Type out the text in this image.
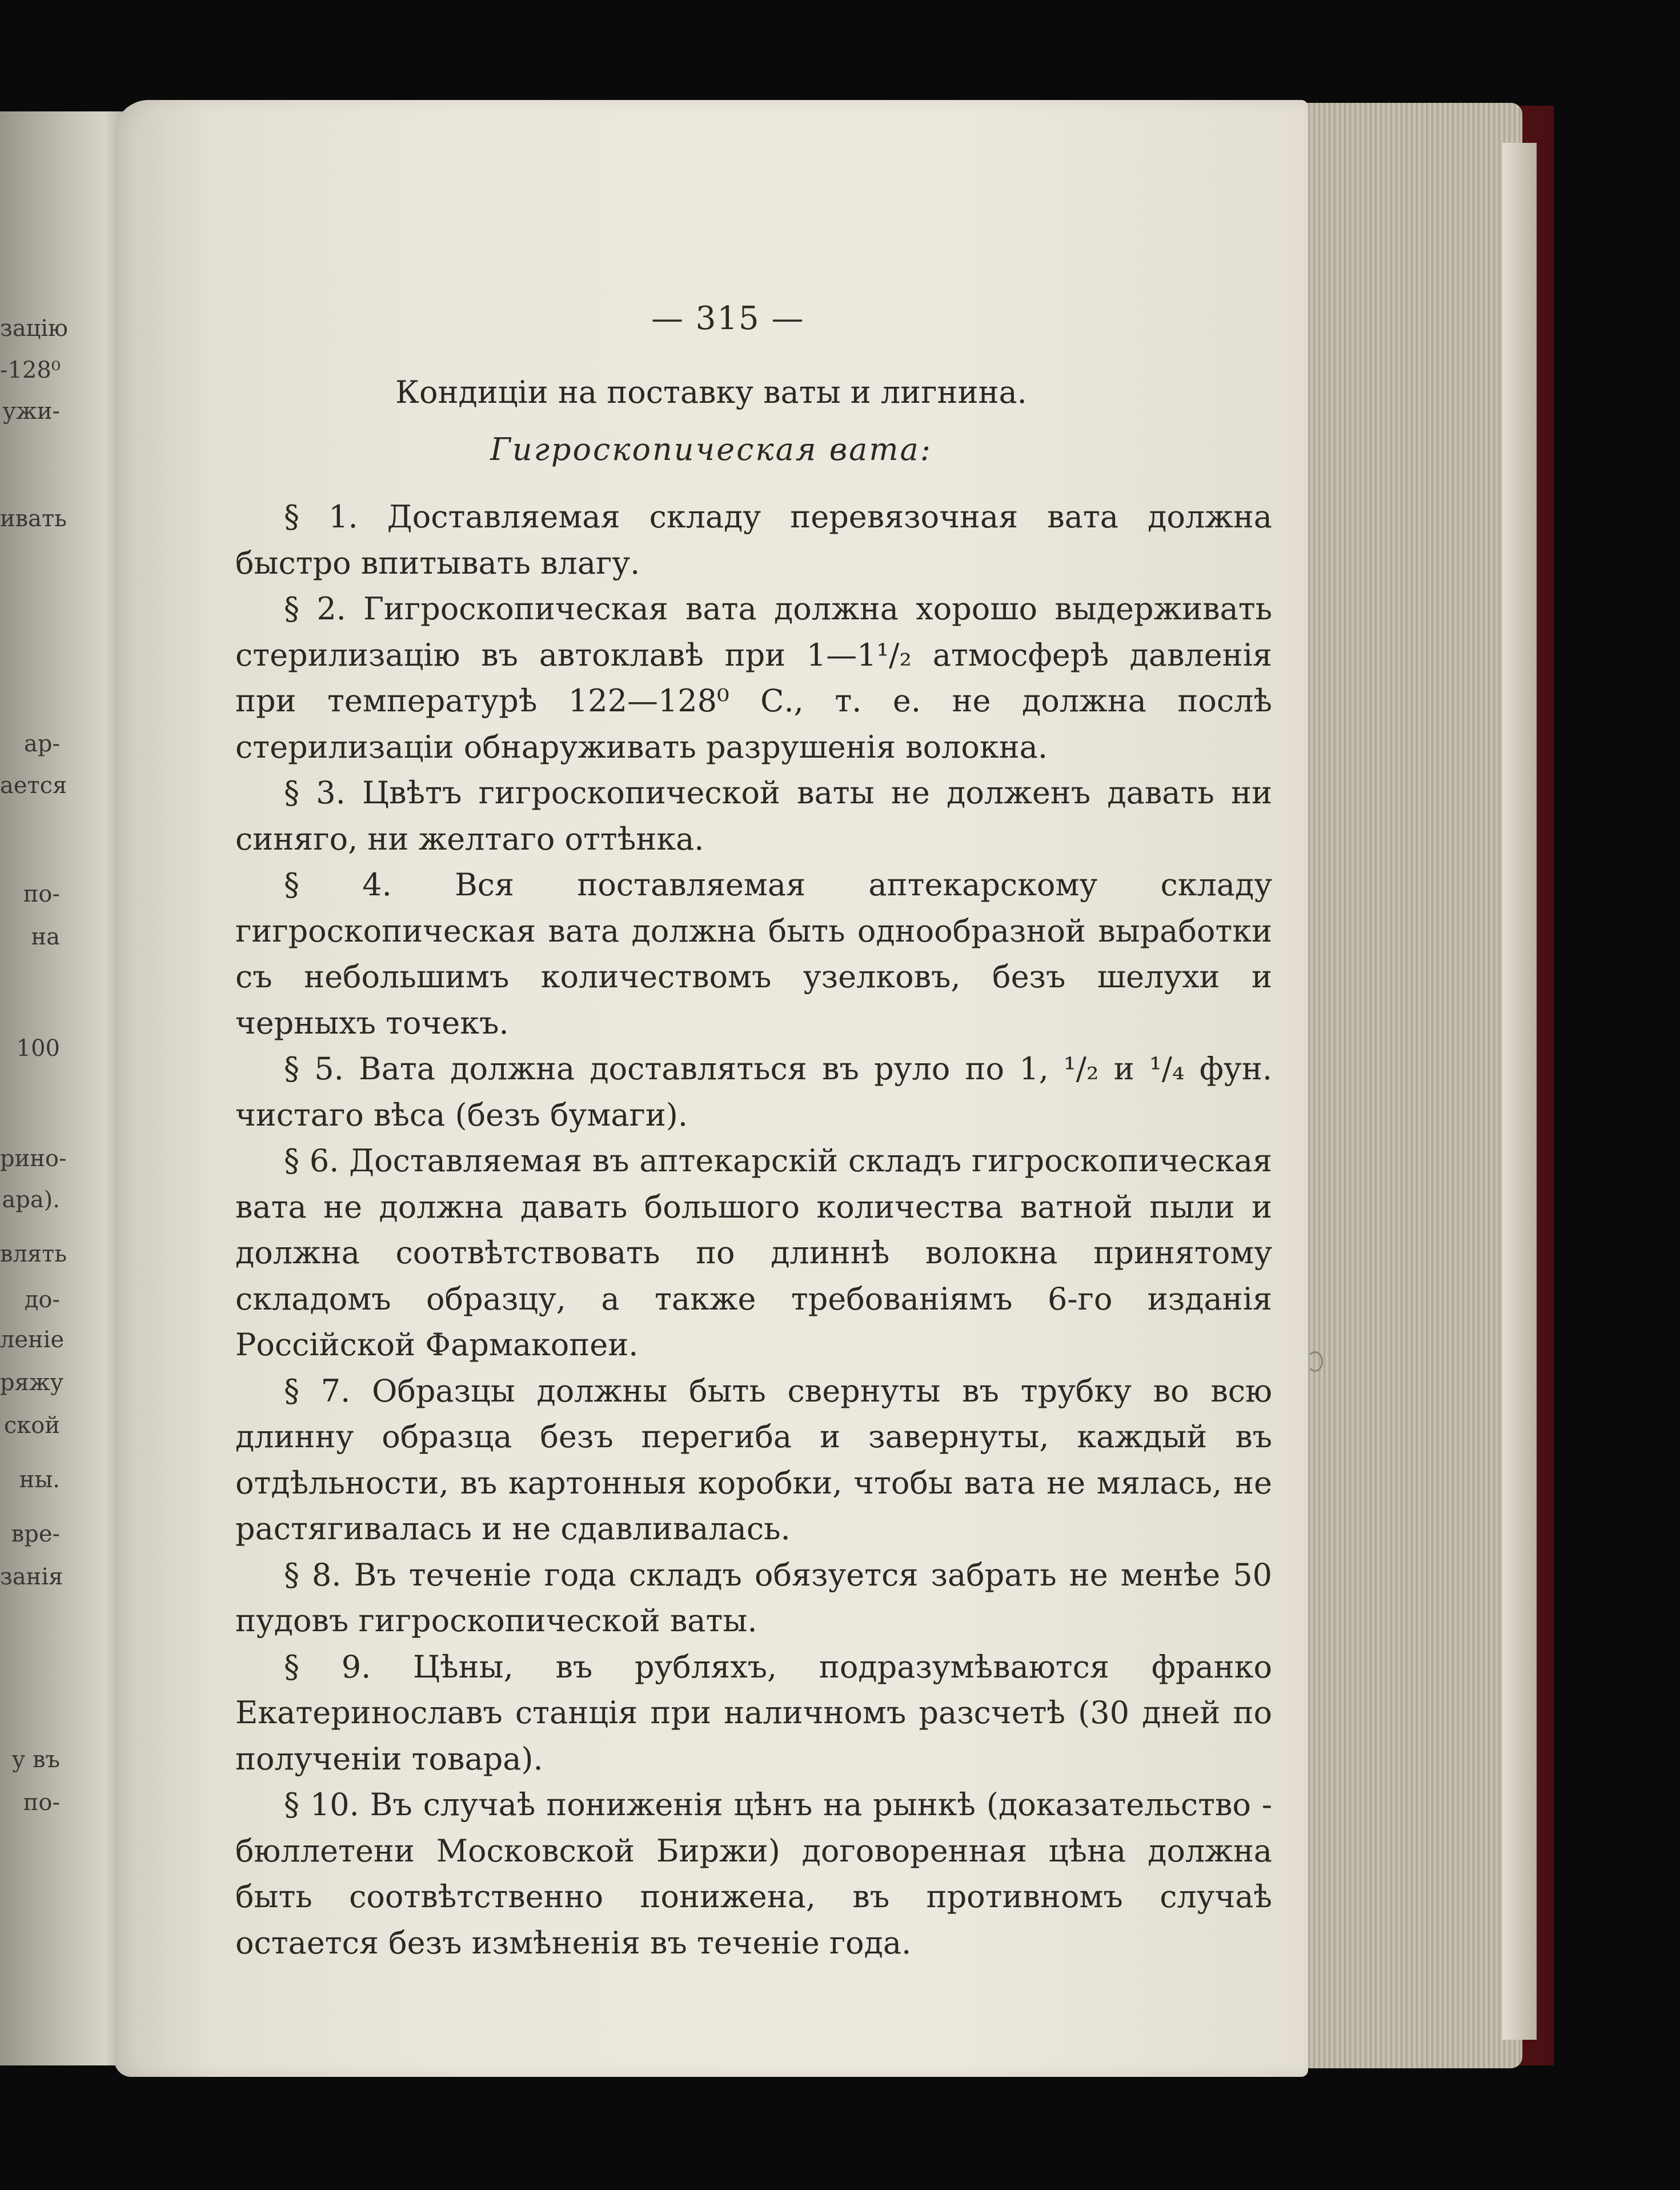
зацію
-128⁰
ужи-
ивать
ар-
ается
по-
на
100
рино-
ара).
влять
до-
леніе
ряжу
ской
ны.
вре-
занія
у въ
по-
— 315 —
Кондиціи на поставку ваты и лигнина.
Гигроскопическая вата:

§ 1. Доставляемая складу перевязочная вата должна быстро впитывать влагу.

§ 2. Гигроскопическая вата должна хорошо выдерживать стерилизацію въ автоклавѣ при 1—1¹/₂ атмосферѣ давленія при температурѣ 122—128⁰ С., т. е. не должна послѣ стерилизаціи обнаруживать разрушенія волокна.

§ 3. Цвѣтъ гигроскопической ваты не долженъ давать ни синяго, ни желтаго оттѣнка.

§ 4. Вся поставляемая аптекарскому складу гигроскопическая вата должна быть однообразной выработки съ небольшимъ количествомъ узелковъ, безъ шелухи и черныхъ точекъ.

§ 5. Вата должна доставляться въ руло по 1, ¹/₂ и ¹/₄ фун. чистаго вѣса (безъ бумаги).

§ 6. Доставляемая въ аптекарскій складъ гигроскопическая вата не должна давать большого количества ватной пыли и должна соотвѣтствовать по длиннѣ волокна принятому складомъ образцу, а также требованіямъ 6-го изданія Россійской Фармакопеи.

§ 7. Образцы должны быть свернуты въ трубку во всю длинну образца безъ перегиба и завернуты, каждый въ отдѣльности, въ картонныя коробки, чтобы вата не мялась, не растягивалась и не сдавливалась.

§ 8. Въ теченіе года складъ обязуется забрать не менѣе 50 пудовъ гигроскопической ваты.

§ 9. Цѣны, въ рубляхъ, подразумѣваются франко Екатеринославъ станція при наличномъ разсчетѣ (30 дней по полученіи товара).

§ 10. Въ случаѣ пониженія цѣнъ на рынкѣ (доказательство - бюллетени Московской Биржи) договоренная цѣна должна быть соотвѣтственно понижена, въ противномъ случаѣ остается безъ измѣненія въ теченіе года.
